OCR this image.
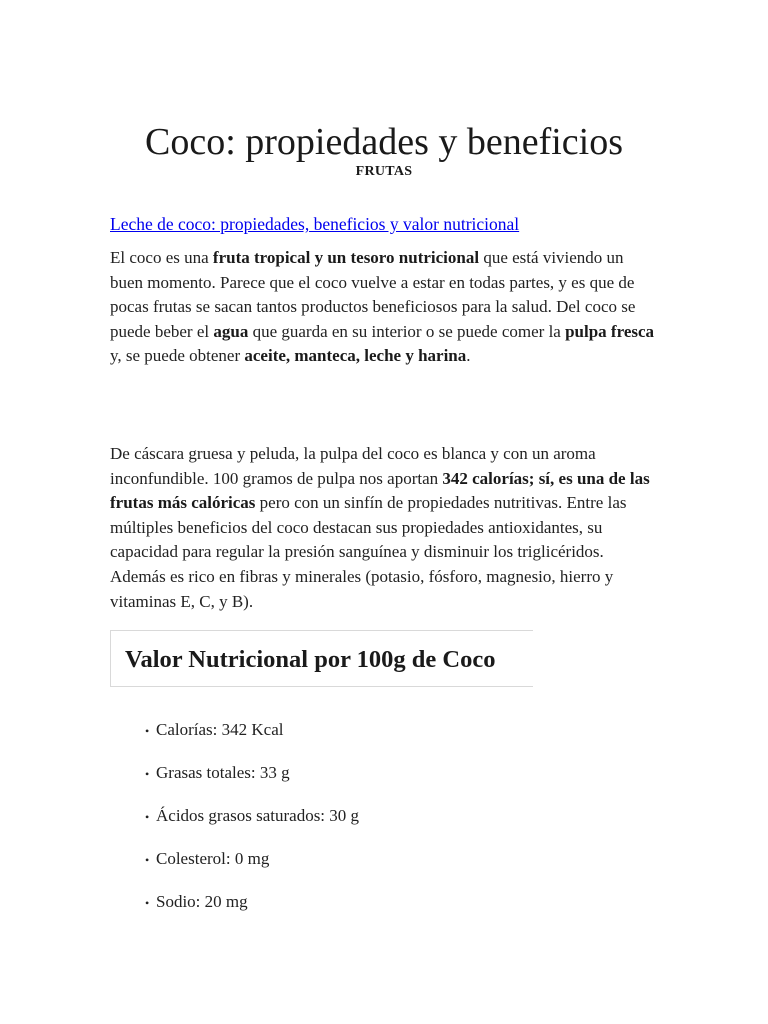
Coco: propiedades y beneficios
FRUTAS
Leche de coco: propiedades, beneficios y valor nutricional

El coco es una fruta tropical y un tesoro nutricional que está viviendo un buen momento. Parece que el coco vuelve a estar en todas partes, y es que de pocas frutas se sacan tantos productos beneficiosos para la salud. Del coco se puede beber el agua que guarda en su interior o se puede comer la pulpa fresca y, se puede obtener aceite, manteca, leche y harina.

De cáscara gruesa y peluda, la pulpa del coco es blanca y con un aroma inconfundible. 100 gramos de pulpa nos aportan 342 calorías; sí, es una de las frutas más calóricas pero con un sinfín de propiedades nutritivas. Entre las múltiples beneficios del coco destacan sus propiedades antioxidantes, su capacidad para regular la presión sanguínea y disminuir los triglicéridos. Además es rico en fibras y minerales (potasio, fósforo, magnesio, hierro y vitaminas E, C, y B).

Valor Nutricional por 100g de Coco
• Calorías: 342 Kcal
• Grasas totales: 33 g
• Ácidos grasos saturados: 30 g
• Colesterol: 0 mg
• Sodio: 20 mg
